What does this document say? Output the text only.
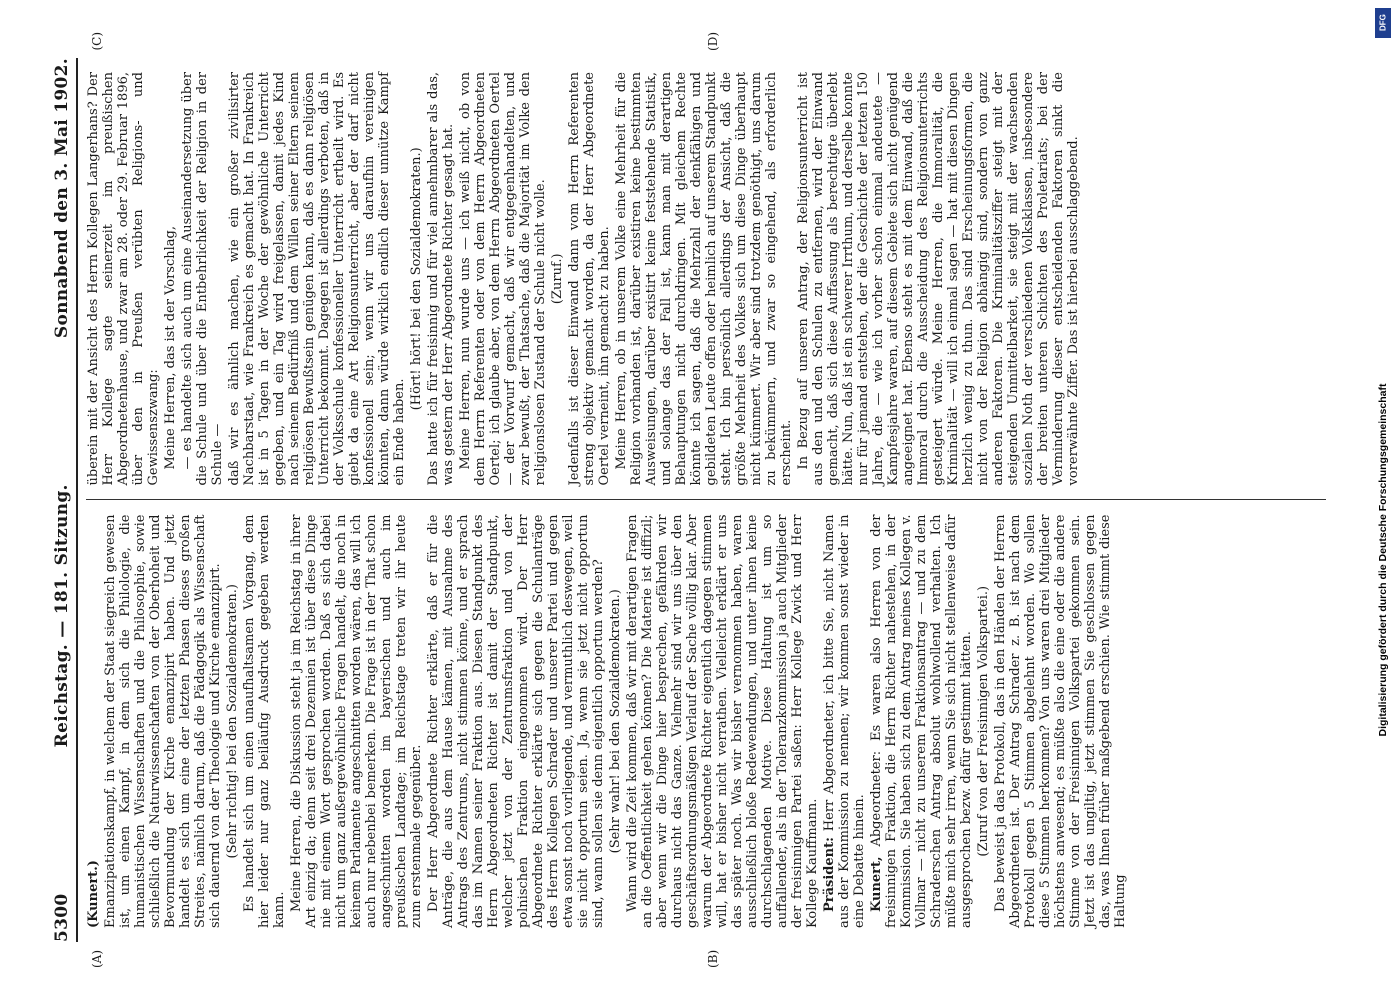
5300
Reichstag. — 181. Sitzung.
Sonnabend den 3. Mai 1902.
(A)	(B)

(Kunert.) Emanzipationskampf, in welchem der Staat siegreich gewesen ist, um einen Kampf, in dem sich die Philologie, die humanistischen Wissenschaften und die Philosophie, sowie schließlich die Naturwissenschaften von der Oberhoheit und Bevormundung der Kirche emanzipirt haben. Und jetzt handelt es sich um eine der letzten Phasen dieses großen Streites, nämlich darum, daß die Pädagogik als Wissenschaft sich dauernd von der Theologie und Kirche emanzipirt. (Sehr richtig! bei den Sozialdemokraten.) Es handelt sich um einen unaufhaltsamen Vorgang, dem hier leider nur ganz beiläufig Ausdruck gegeben werden kann. Meine Herren, die Diskussion steht ja im Reichstag in ihrer Art einzig da; denn seit drei Dezennien ist über diese Dinge nie mit einem Wort gesprochen worden. Daß es sich dabei nicht um ganz außergewöhnliche Fragen handelt, die noch in keinem Parlamente angeschnitten worden wären, das will ich auch nur nebenbei bemerken. Die Frage ist in der That schon angeschnitten worden im bayerischen und auch im preußischen Landtage; im Reichstage treten wir ihr heute zum erstenmale gegenüber. Der Herr Abgeordnete Richter erklärte, daß er für die Anträge, die aus dem Hause kämen, mit Ausnahme des Antrags des Zentrums, nicht stimmen könne, und er sprach das im Namen seiner Fraktion aus. Diesen Standpunkt des Herrn Abgeordneten Richter ist damit der Standpunkt, welcher jetzt von der Zentrumsfraktion und von der polnischen Fraktion eingenommen wird. Der Herr Abgeordnete Richter erklärte sich gegen die Schulanträge des Herrn Kollegen Schrader und unserer Partei und gegen etwa sonst noch vorliegende, und vermuthlich deswegen, weil sie nicht opportun seien. Ja, wenn sie jetzt nicht opportun sind, wann sollen sie denn eigentlich opportun werden? (Sehr wahr! bei den Sozialdemokraten.) Wann wird die Zeit kommen, daß wir mit derartigen Fragen an die Oeffentlichkeit gehen können? Die Materie ist diffizil; aber wenn wir die Dinge hier besprechen, gefährden wir durchaus nicht das Ganze. Vielmehr sind wir uns über den geschäftsordnungsmäßigen Verlauf der Sache völlig klar. Aber warum der Abgeordnete Richter eigentlich dagegen stimmen will, hat er bisher nicht verrathen. Vielleicht erklärt er uns das später noch. Was wir bisher vernommen haben, waren ausschließlich bloße Redewendungen, und unter ihnen keine durchschlagenden Motive. Diese Haltung ist um so auffallender, als in der Toleranzkommission ja auch Mitglieder der freisinnigen Partei saßen: Herr Kollege Zwick und Herr Kollege Kauffmann. Präsident: Herr Abgeordneter, ich bitte Sie, nicht Namen aus der Kommission zu nennen; wir kommen sonst wieder in eine Debatte hinein. Kunert, Abgeordneter: Es waren also Herren von der freisinnigen Fraktion, die Herrn Richter nahestehen, in der Kommission. Sie haben sich zu dem Antrag meines Kollegen v. Vollmar — nicht zu unserem Fraktionsantrag — und zu dem Schraderschen Antrag absolut wohlwollend verhalten. Ich müßte mich sehr irren, wenn Sie sich nicht stellenweise dafür ausgesprochen bezw. dafür gestimmt hätten. (Zuruf von der Freisinnigen Volkspartei.) Das beweist ja das Protokoll, das in den Händen der Herren Abgeordneten ist. Der Antrag Schrader z. B. ist nach dem Protokoll gegen 5 Stimmen abgelehnt worden. Wo sollen diese 5 Stimmen herkommen? Von uns waren drei Mitglieder höchstens anwesend; es müßte also die eine oder die andere Stimme von der Freisinnigen Volkspartei gekommen sein. Jetzt ist das ungiltig, jetzt stimmen Sie geschlossen gegen das, was Ihnen früher maßgebend erschien. Wie stimmt diese Haltung

(C)	(D)

überein mit der Ansicht des Herrn Kollegen Langerhans? Der Herr Kollege sagte seinerzeit im preußischen Abgeordnetenhause, und zwar am 28. oder 29. Februar 1896, über den in Preußen verübten Religions- und Gewissenszwang: Meine Herren, das ist der Vorschlag, — es handelte sich auch um eine Auseinandersetzung über die Schule und über die Entbehrlichkeit der Religion in der Schule — daß wir es ähnlich machen, wie ein großer zivilisirter Nachbarstaat, wie Frankreich es gemacht hat. In Frankreich ist in 5 Tagen in der Woche der gewöhnliche Unterricht gegeben, und ein Tag wird freigelassen, damit jedes Kind nach seinem Bedürfniß und dem Willen seiner Eltern seinem religiösen Bewußtsein genügen kann, daß es dann religiösen Unterricht bekommt. Dagegen ist allerdings verboten, daß in der Volksschule konfessioneller Unterricht ertheilt wird. Es giebt da eine Art Religionsunterricht, aber der darf nicht konfessionell sein; wenn wir uns daraufhin vereinigen könnten, dann würde wirklich endlich dieser unnütze Kampf ein Ende haben.

(Hört! hört! bei den Sozialdemokraten.) Das hatte ich für freisinnig und für viel annehmbarer als das, was gestern der Herr Abgeordnete Richter gesagt hat. Meine Herren, nun wurde uns — ich weiß nicht, ob von dem Herrn Referenten oder von dem Herrn Abgeordneten Oertel; ich glaube aber, von dem Herrn Abgeordneten Oertel — der Vorwurf gemacht, daß wir entgegenhandelten, und zwar bewußt, der Thatsache, daß die Majorität im Volke den religionslosen Zustand der Schule nicht wolle. (Zuruf.) Jedenfalls ist dieser Einwand dann vom Herrn Referenten streng objektiv gemacht worden, da der Herr Abgeordnete Oertel verneint, ihn gemacht zu haben. Meine Herren, ob in unserem Volke eine Mehrheit für die Religion vorhanden ist, darüber existiren keine bestimmten Ausweisungen, darüber existirt keine feststehende Statistik, und solange das der Fall ist, kann man mit derartigen Behauptungen nicht durchdringen. Mit gleichem Rechte könnte ich sagen, daß die Mehrzahl der denkfähigen und gebildeten Leute offen oder heimlich auf unserem Standpunkt steht. Ich bin persönlich allerdings der Ansicht, daß die größte Mehrheit des Volkes sich um diese Dinge überhaupt nicht kümmert. Wir aber sind trotzdem genöthigt, uns darum zu bekümmern, und zwar so eingehend, als erforderlich erscheint. In Bezug auf unseren Antrag, der Religionsunterricht ist aus den und den Schulen zu entfernen, wird der Einwand gemacht, daß sich diese Auffassung als berechtigte überlebt hätte. Nun, daß ist ein schwerer Irrthum, und derselbe konnte nur für jemand entstehen, der die Geschichte der letzten 150 Jahre, die — wie ich vorher schon einmal andeutete — Kampfesjahre waren, auf diesem Gebiete sich nicht genügend angeeignet hat. Ebenso steht es mit dem Einwand, daß die Immoral durch die Ausscheidung des Religionsunterrichts gesteigert würde. Meine Herren, die Immoralität, die Kriminalität — will ich einmal sagen — hat mit diesen Dingen herzlich wenig zu thun. Das sind Erscheinungsformen, die nicht von der Religion abhängig sind, sondern von ganz anderen Faktoren. Die Kriminalitätsziffer steigt mit der steigenden Unmittelbarkeit, sie steigt mit der wachsenden sozialen Noth der verschiedenen Volksklassen, insbesondere der breiten unteren Schichten des Proletariats; bei der Verminderung dieser entscheidenden Faktoren sinkt die vorerwähnte Ziffer. Das ist hierbei ausschlaggebend.

DFG
Digitalisierung gefördert durch die Deutsche Forschungsgemeinschaft
